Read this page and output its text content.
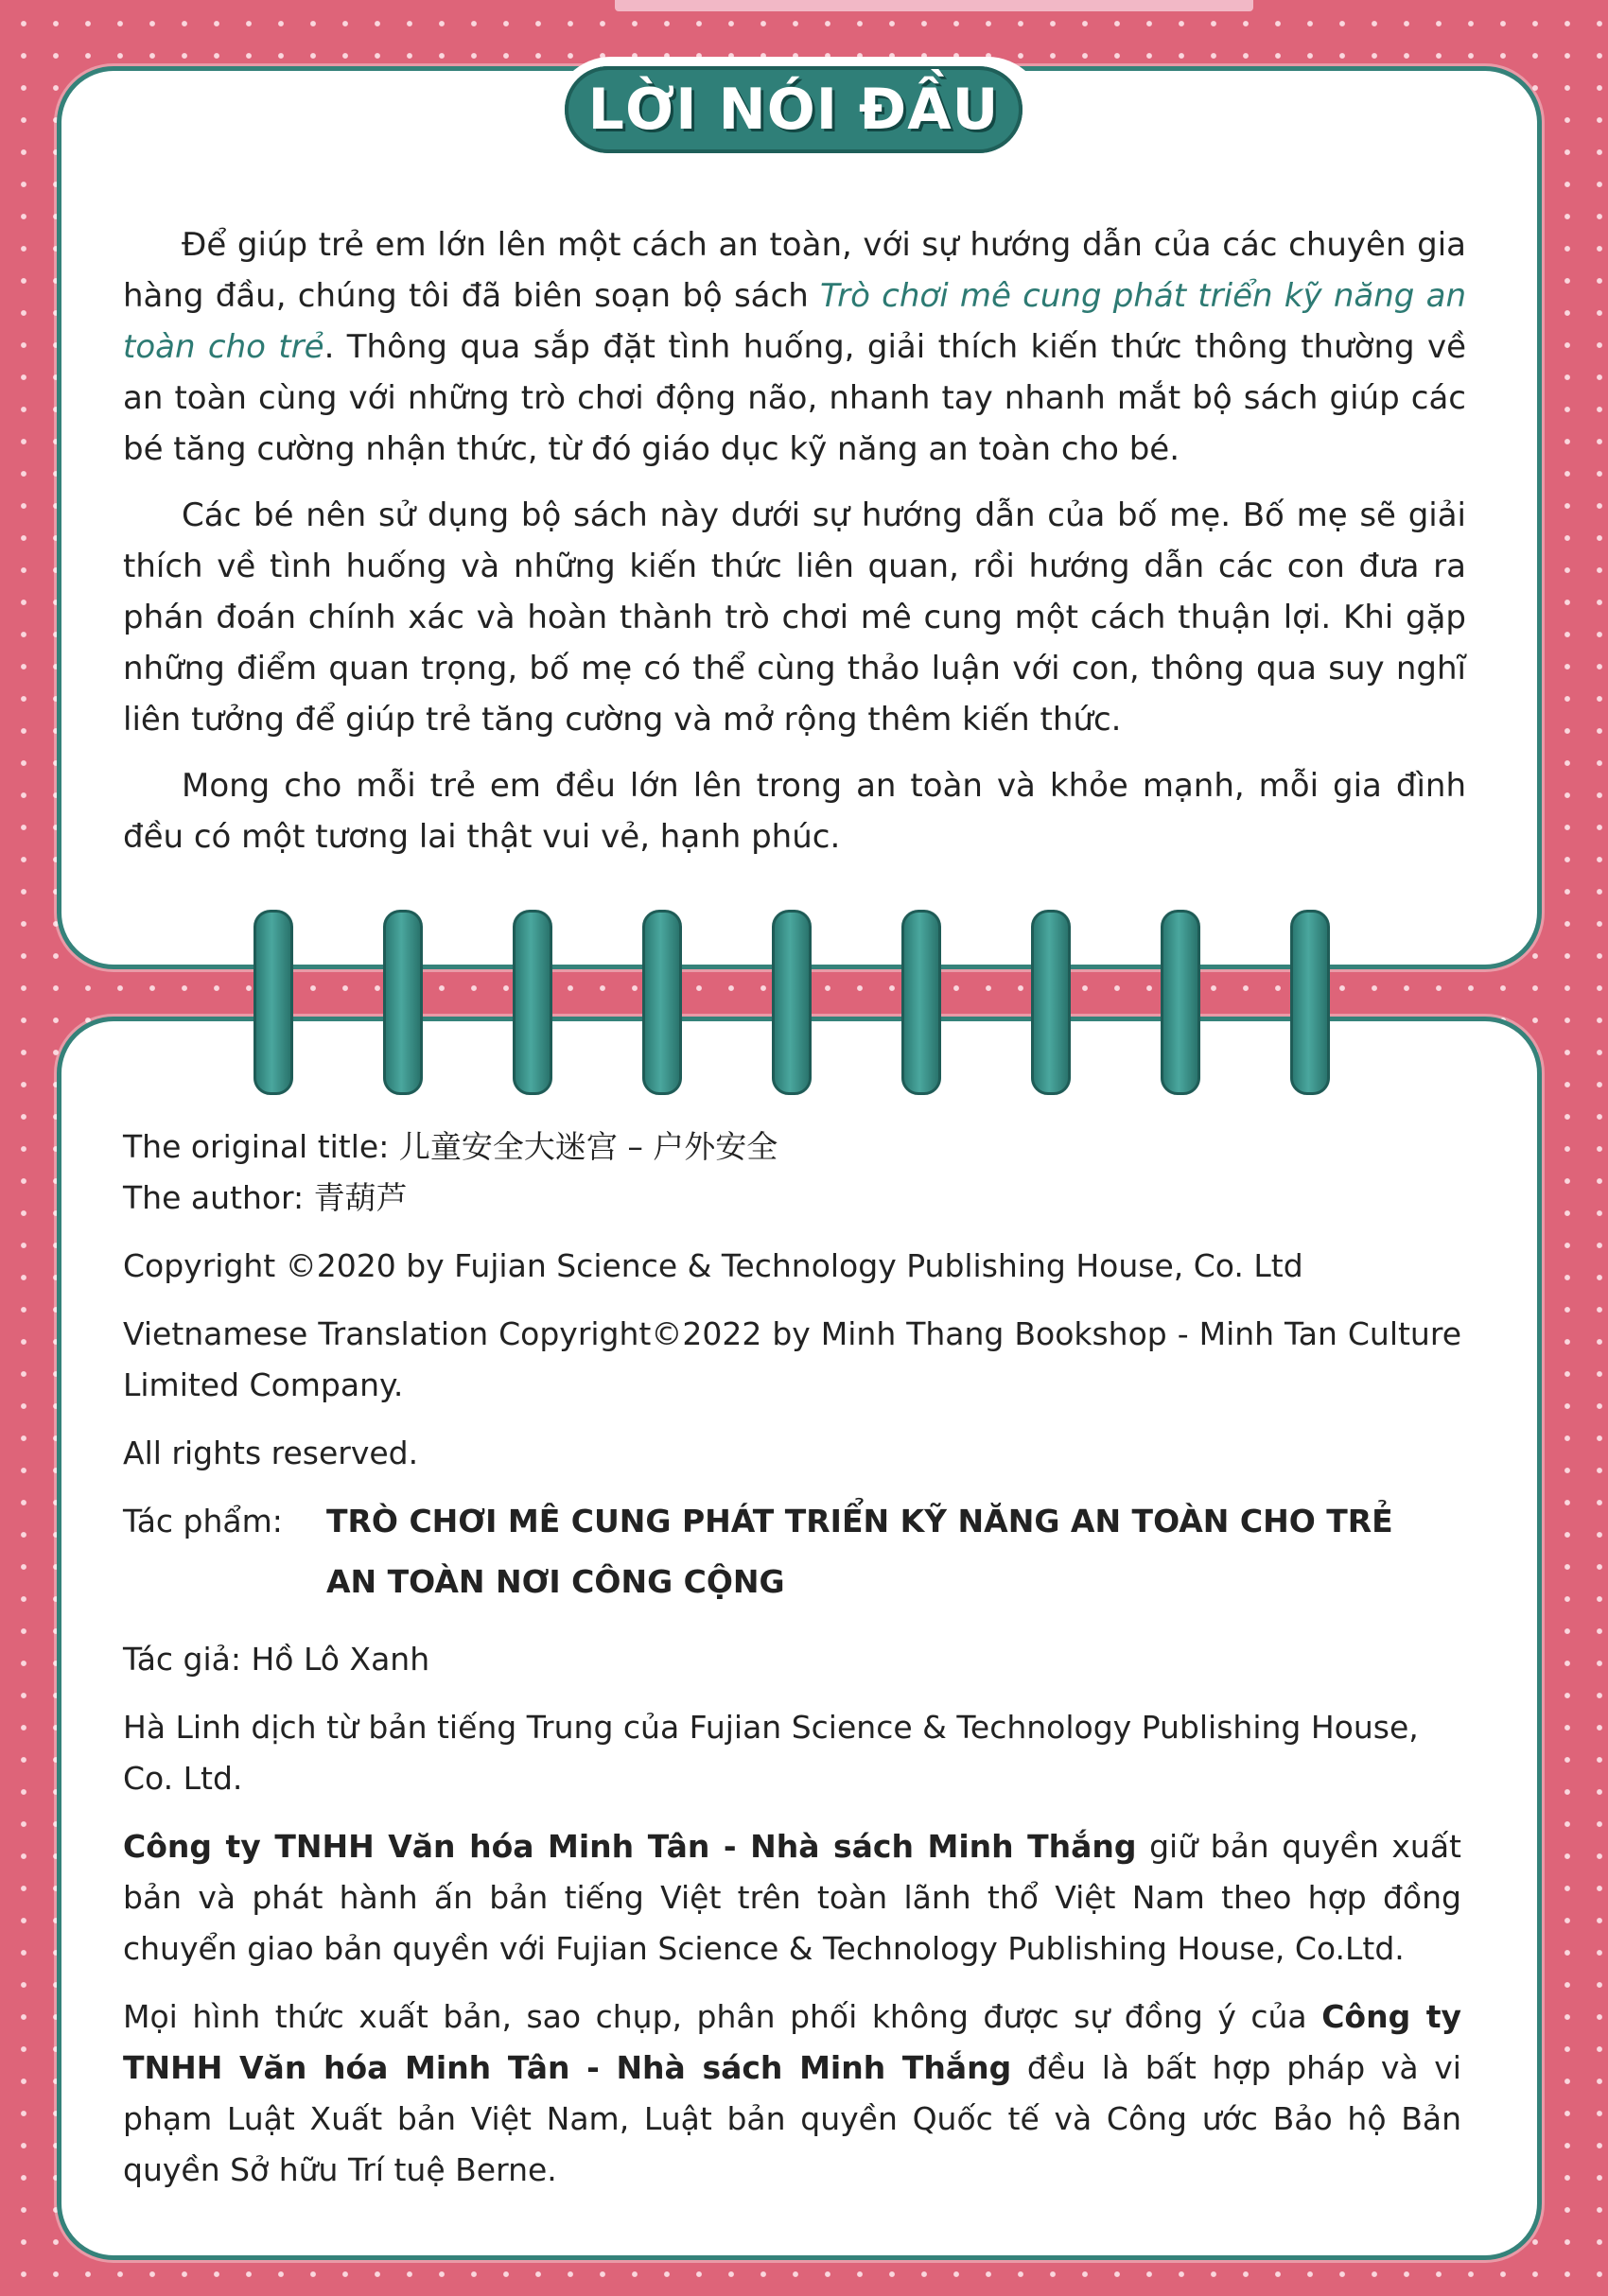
LỜI NÓI ĐẦU

Để giúp trẻ em lớn lên một cách an toàn, với sự hướng dẫn của các chuyên gia hàng đầu, chúng tôi đã biên soạn bộ sách Trò chơi mê cung phát triển kỹ năng an toàn cho trẻ. Thông qua sắp đặt tình huống, giải thích kiến thức thông thường về an toàn cùng với những trò chơi động não, nhanh tay nhanh mắt bộ sách giúp các bé tăng cường nhận thức, từ đó giáo dục kỹ năng an toàn cho bé.

Các bé nên sử dụng bộ sách này dưới sự hướng dẫn của bố mẹ. Bố mẹ sẽ giải thích về tình huống và những kiến thức liên quan, rồi hướng dẫn các con đưa ra phán đoán chính xác và hoàn thành trò chơi mê cung một cách thuận lợi. Khi gặp những điểm quan trọng, bố mẹ có thể cùng thảo luận với con, thông qua suy nghĩ liên tưởng để giúp trẻ tăng cường và mở rộng thêm kiến thức.

Mong cho mỗi trẻ em đều lớn lên trong an toàn và khỏe mạnh, mỗi gia đình đều có một tương lai thật vui vẻ, hạnh phúc.

The original title: 儿童安全大迷宫 – 户外安全
The author: 青葫芦
Copyright ©2020 by Fujian Science & Technology Publishing House, Co. Ltd
Vietnamese Translation Copyright©2022 by Minh Thang Bookshop - Minh Tan Culture Limited Company.
All rights reserved.
Tác phẩm:	TRÒ CHƠI MÊ CUNG PHÁT TRIỂN KỸ NĂNG AN TOÀN CHO TRẺ
AN TOÀN NƠI CÔNG CỘNG
Tác giả: Hồ Lô Xanh
Hà Linh dịch từ bản tiếng Trung của Fujian Science & Technology Publishing House, Co. Ltd.
Công ty TNHH Văn hóa Minh Tân - Nhà sách Minh Thắng giữ bản quyền xuất bản và phát hành ấn bản tiếng Việt trên toàn lãnh thổ Việt Nam theo hợp đồng chuyển giao bản quyền với Fujian Science & Technology Publishing House, Co.Ltd.
Mọi hình thức xuất bản, sao chụp, phân phối không được sự đồng ý của Công ty TNHH Văn hóa Minh Tân - Nhà sách Minh Thắng đều là bất hợp pháp và vi phạm Luật Xuất bản Việt Nam, Luật bản quyền Quốc tế và Công ước Bảo hộ Bản quyền Sở hữu Trí tuệ Berne.
